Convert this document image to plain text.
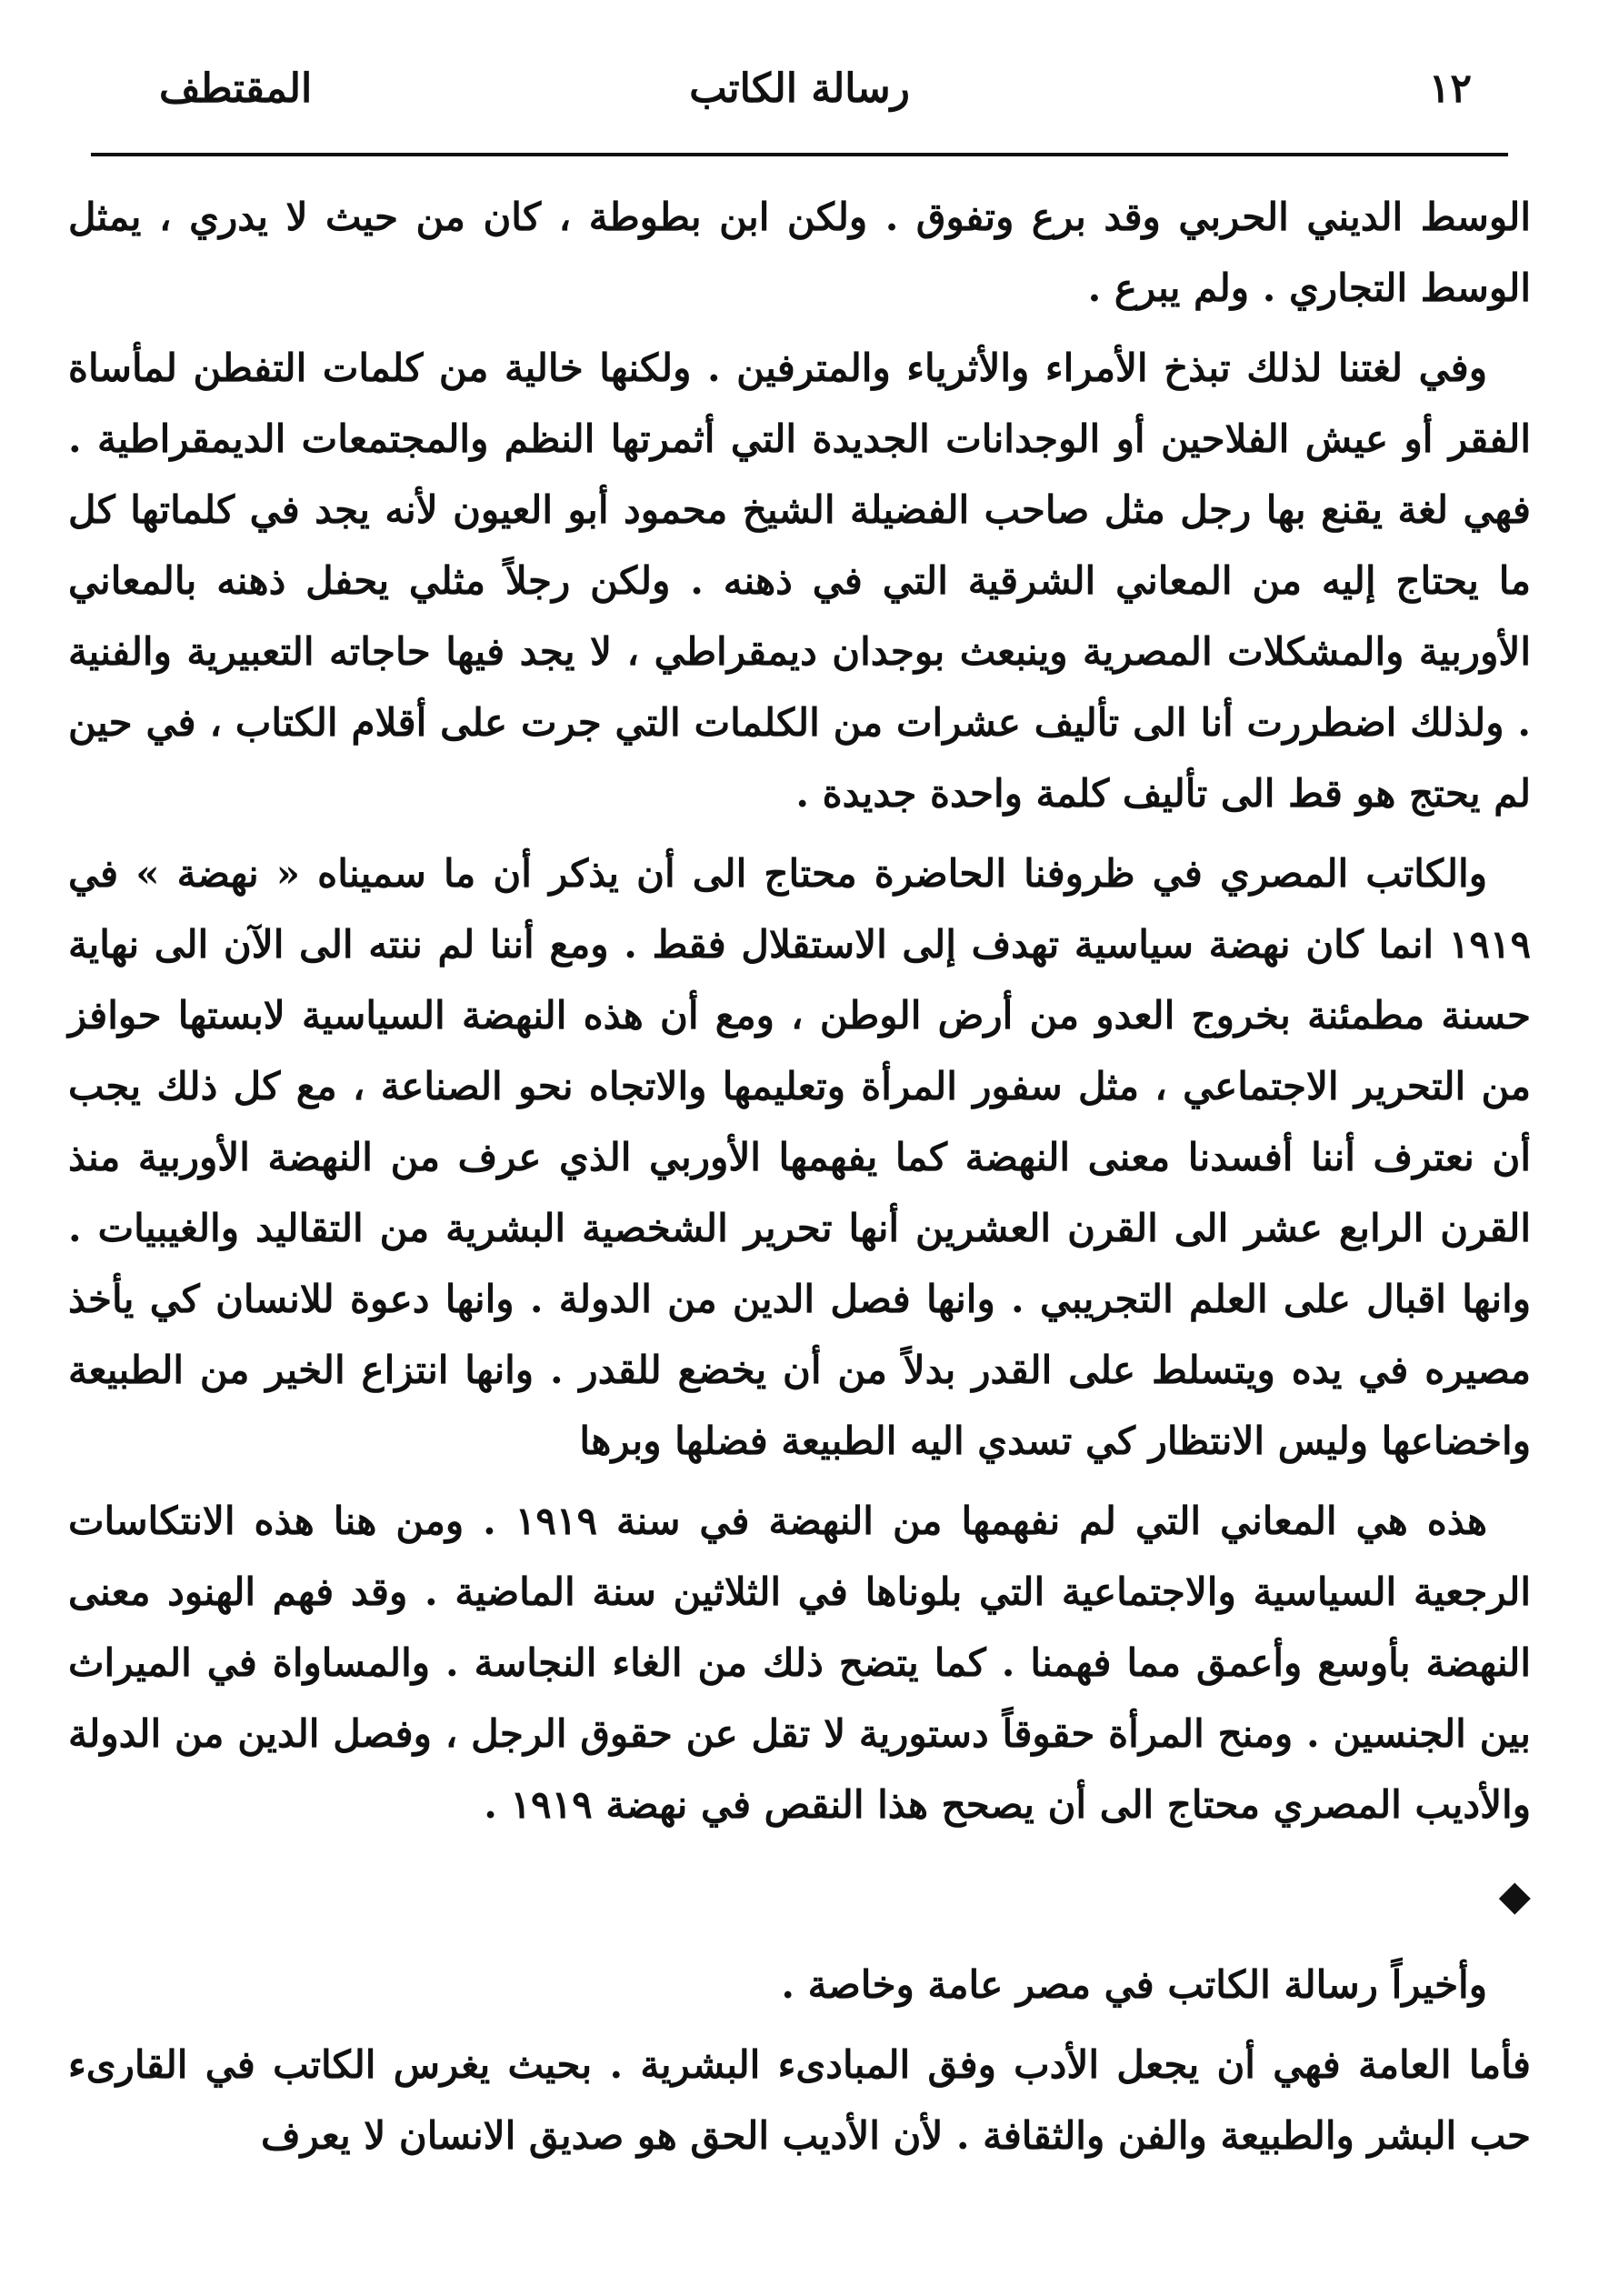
١٢
رسالة الكاتب
المقتطف

الوسط الديني الحربي وقد برع وتفوق . ولكن ابن بطوطة ، كان من حيث لا يدري ، يمثل الوسط التجاري . ولم يبرع .

وفي لغتنا لذلك تبذخ الأمراء والأثرياء والمترفين . ولكنها خالية من كلمات التفطن لمأساة الفقر أو عيش الفلاحين أو الوجدانات الجديدة التي أثمرتها النظم والمجتمعات الديمقراطية . فهي لغة يقنع بها رجل مثل صاحب الفضيلة الشيخ محمود أبو العيون لأنه يجد في كلماتها كل ما يحتاج إليه من المعاني الشرقية التي في ذهنه . ولكن رجلاً مثلي يحفل ذهنه بالمعاني الأوربية والمشكلات المصرية وينبعث بوجدان ديمقراطي ، لا يجد فيها حاجاته التعبيرية والفنية . ولذلك اضطررت أنا الى تأليف عشرات من الكلمات التي جرت على أقلام الكتاب ، في حين لم يحتج هو قط الى تأليف كلمة واحدة جديدة .

والكاتب المصري في ظروفنا الحاضرة محتاج الى أن يذكر أن ما سميناه « نهضة » في ١٩١٩ انما كان نهضة سياسية تهدف إلى الاستقلال فقط . ومع أننا لم ننته الى الآن الى نهاية حسنة مطمئنة بخروج العدو من أرض الوطن ، ومع أن هذه النهضة السياسية لابستها حوافز من التحرير الاجتماعي ، مثل سفور المرأة وتعليمها والاتجاه نحو الصناعة ، مع كل ذلك يجب أن نعترف أننا أفسدنا معنى النهضة كما يفهمها الأوربي الذي عرف من النهضة الأوربية منذ القرن الرابع عشر الى القرن العشرين أنها تحرير الشخصية البشرية من التقاليد والغيبيات . وانها اقبال على العلم التجريبي . وانها فصل الدين من الدولة . وانها دعوة للانسان كي يأخذ مصيره في يده ويتسلط على القدر بدلاً من أن يخضع للقدر . وانها انتزاع الخير من الطبيعة واخضاعها وليس الانتظار كي تسدي اليه الطبيعة فضلها وبرها

هذه هي المعاني التي لم نفهمها من النهضة في سنة ١٩١٩ . ومن هنا هذه الانتكاسات الرجعية السياسية والاجتماعية التي بلوناها في الثلاثين سنة الماضية . وقد فهم الهنود معنى النهضة بأوسع وأعمق مما فهمنا . كما يتضح ذلك من الغاء النجاسة . والمساواة في الميراث بين الجنسين . ومنح المرأة حقوقاً دستورية لا تقل عن حقوق الرجل ، وفصل الدين من الدولة والأديب المصري محتاج الى أن يصحح هذا النقص في نهضة ١٩١٩ .

◆

وأخيراً رسالة الكاتب في مصر عامة وخاصة .

فأما العامة فهي أن يجعل الأدب وفق المبادىء البشرية . بحيث يغرس الكاتب في القارىء حب البشر والطبيعة والفن والثقافة . لأن الأديب الحق هو صديق الانسان لا يعرف
